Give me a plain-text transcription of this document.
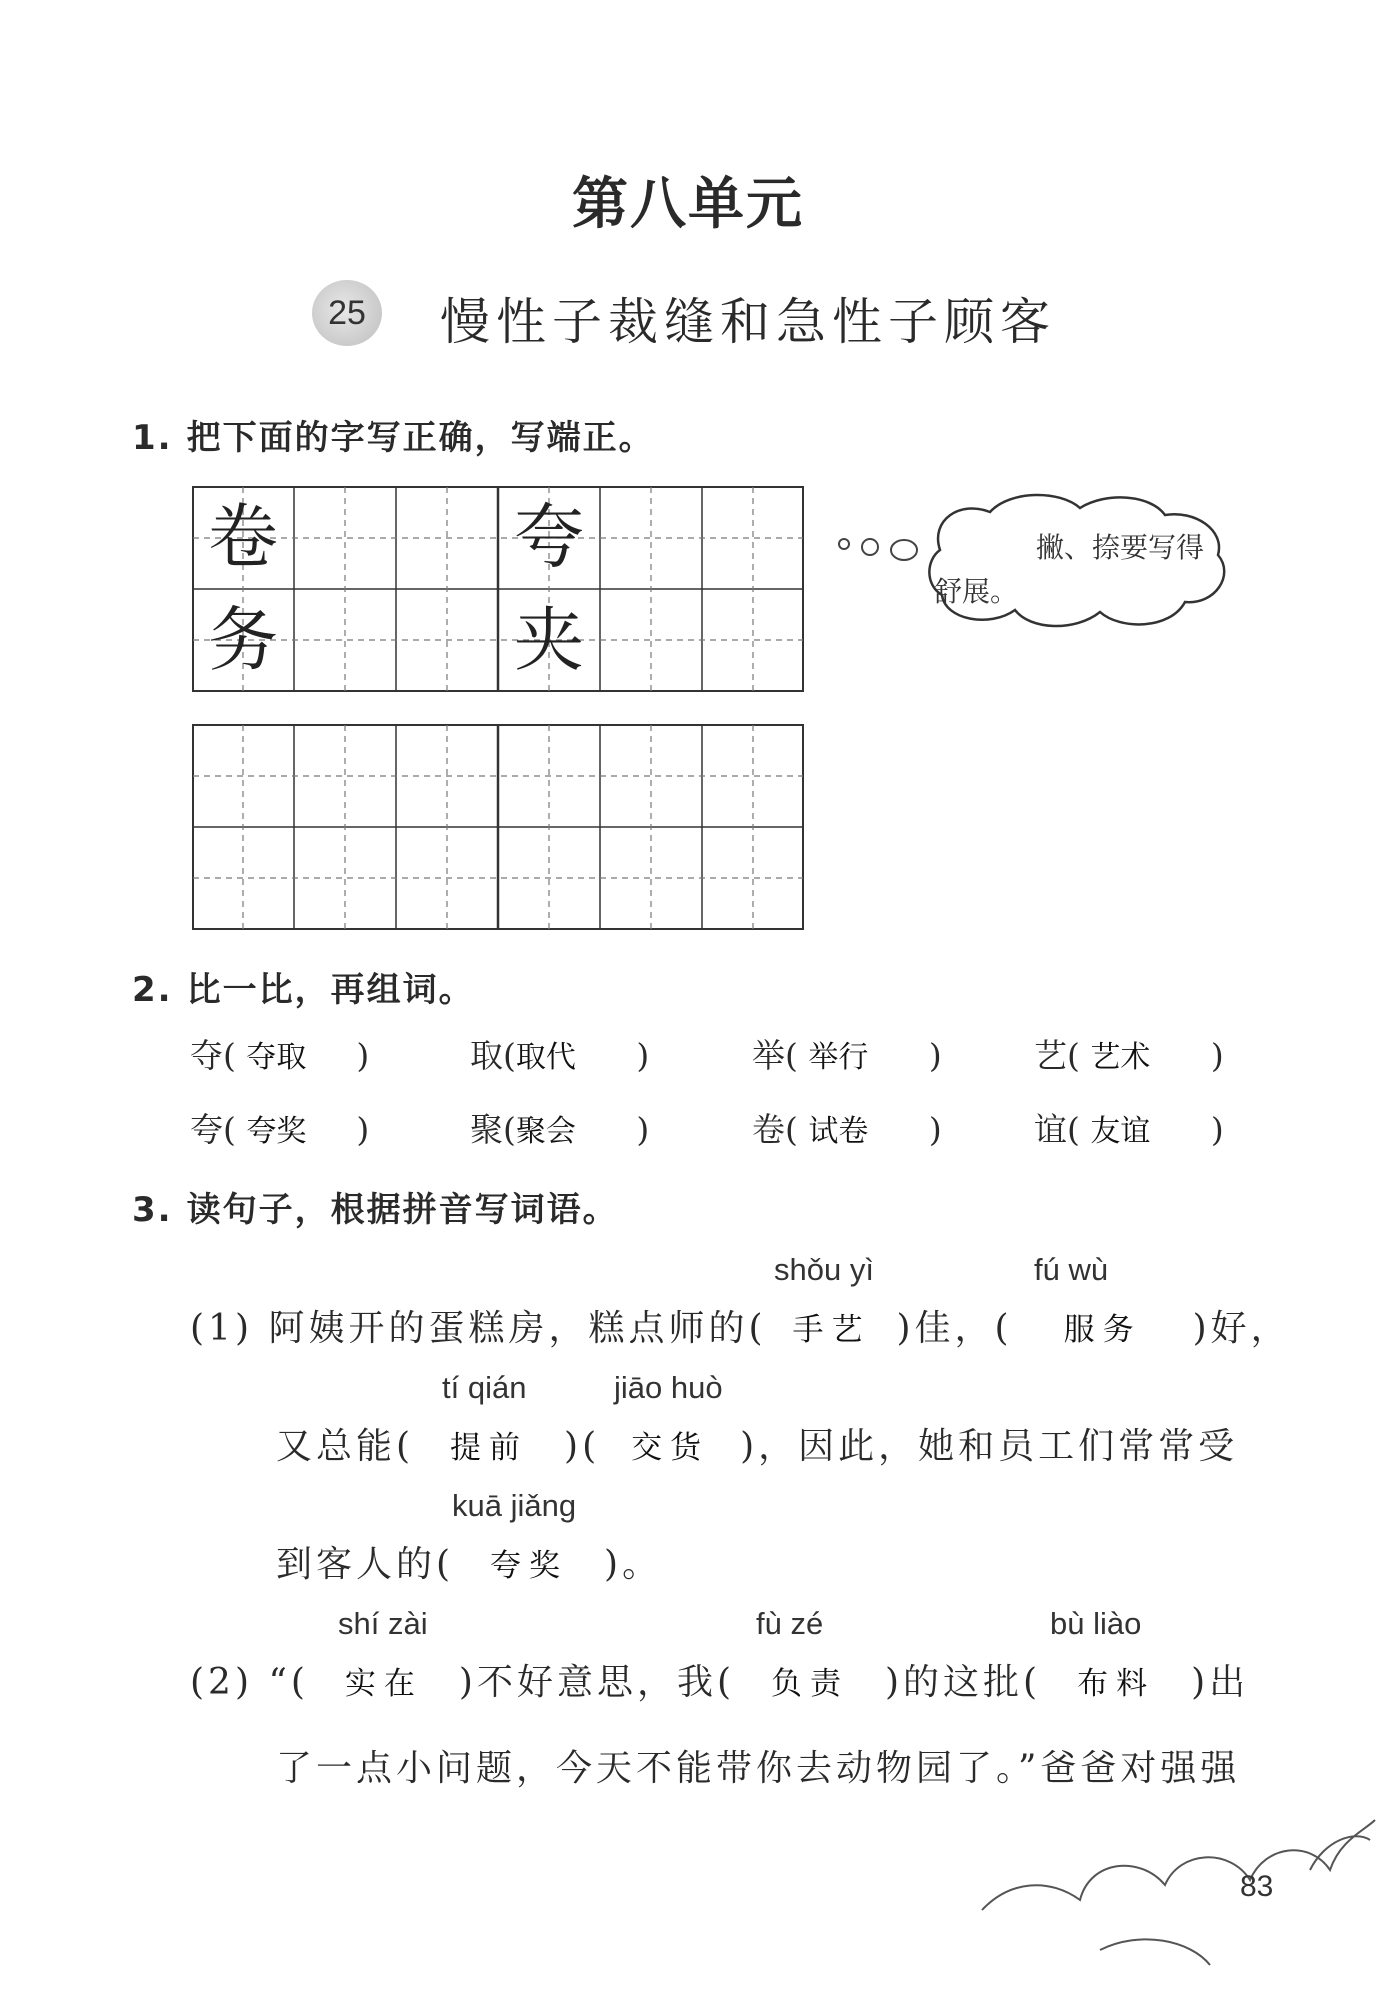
第八单元
25	慢性子裁缝和急性子顾客
1. 把下面的字写正确，写端正。
卷	夸
务	夹
撇、捺要写得
舒展。
2. 比一比，再组词。
夺( 夺取 )	取(取代 )	举( 举行 )	艺( 艺术 )
夸( 夸奖 )	聚(聚会 )	卷( 试卷 )	谊( 友谊 )
3. 读句子，根据拼音写词语。
shǒu yì	fú wù
(1) 阿姨开的蛋糕房，糕点师的( 手艺 )佳，( 服务 )好，
tí qián	jiāo huò
又总能( 提前 )( 交货 )，因此，她和员工们常常受
kuā jiǎng
到客人的( 夸奖 )。
shí zài	fù zé	bù liào
(2) “( 实在 )不好意思，我( 负责 )的这批( 布料 )出
了一点小问题，今天不能带你去动物园了。”爸爸对强强
83
